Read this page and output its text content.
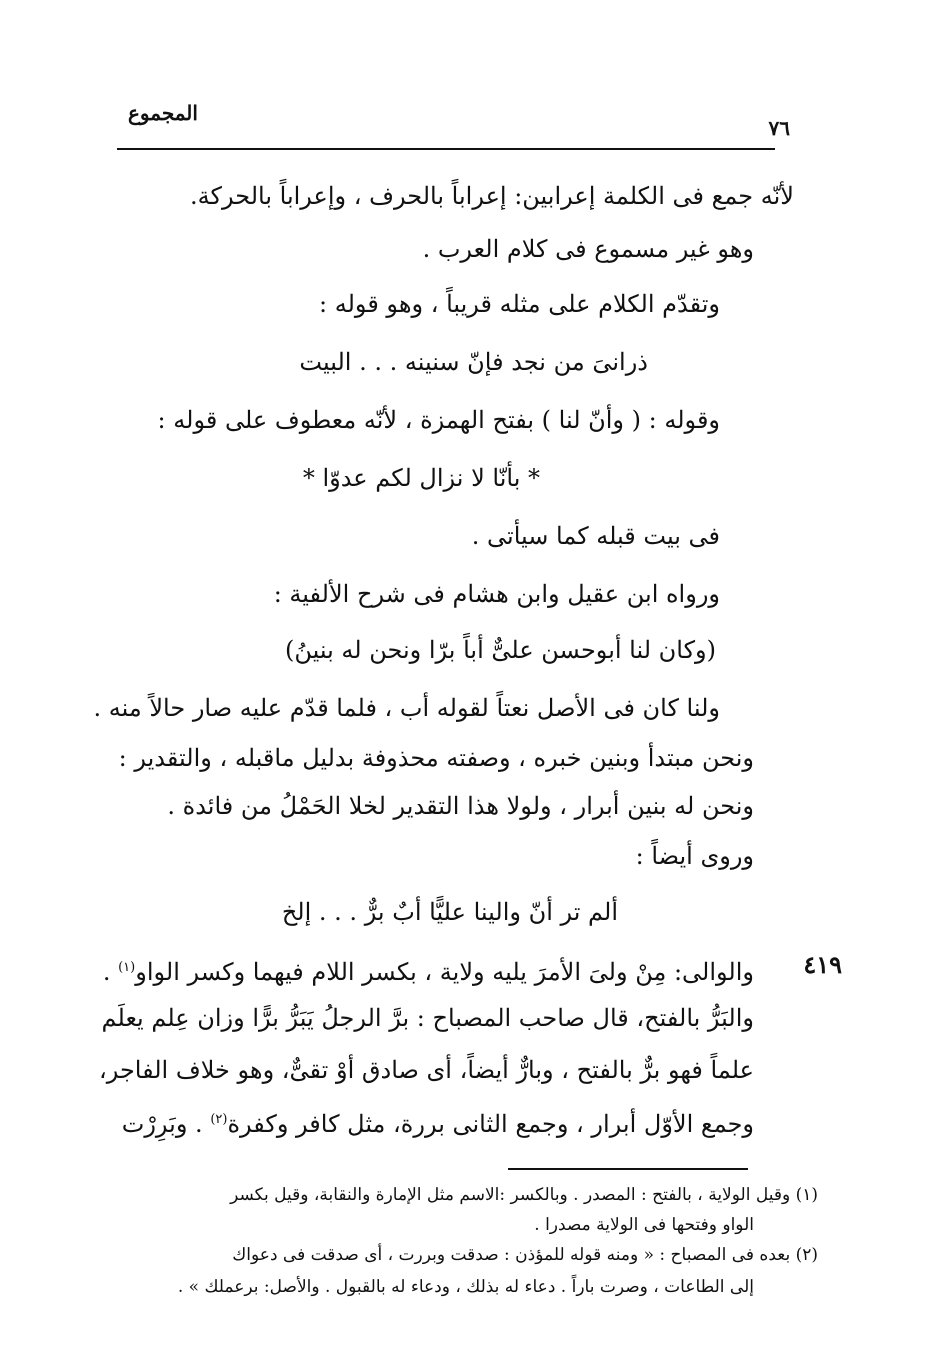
المجموع
٧٦
لأنّه جمع فى الكلمة إعرابين: إعراباً بالحرف ، وإعراباً بالحركة.
وهو غير مسموع فى كلام العرب .
وتقدّم الكلام على مثله قريباً ، وهو قوله :
ذرانىَ من نجد فإنّ سنينه . . . البيت
وقوله : ( وأنّ لنا ) بفتح الهمزة ، لأنّه معطوف على قوله :
* بأنّا لا نزال لكم عدوّا *
فى بيت قبله كما سيأتى .
ورواه ابن عقيل وابن هشام فى شرح الألفية :
(وكان لنا أبوحسن علىٌّ أباً برّا ونحن له بنينُ)
ولنا كان فى الأصل نعتاً لقوله أب ، فلما قدّم عليه صار حالاً منه .
ونحن مبتدأ وبنين خبره ، وصفته محذوفة بدليل ماقبله ، والتقدير :
ونحن له بنين أبرار ، ولولا هذا التقدير لخلا الحَمْلُ من فائدة .
وروى أيضاً :
ألم تر أنّ والينا عليًّا أبٌ برٌّ . . . إلخ
٤١٩
والوالى: مِنْ ولىَ الأمرَ يليه ولاية ، بكسر اللام فيهما وكسر الواو$^{(١)}$ .
والبَرُّ بالفتح، قال صاحب المصباح : برَّ الرجلُ يَبَرُّ برًّا وزان عِلم يعلَم
علماً فهو برٌّ بالفتح ، وبارٌّ أيضاً، أى صادق أوْ تقىٌّ، وهو خلاف الفاجر،
وجمع الأوّل أبرار ، وجمع الثانى بررة، مثل كافر وكفرة$^{(٢)}$ . وبَرِرْت
(١) وقيل الولاية ، بالفتح : المصدر . وبالكسر :الاسم مثل الإمارة والنقابة، وقيل بكسر
الواو وفتحها فى الولاية مصدرا .
(٢) بعده فى المصباح : « ومنه قوله للمؤذن : صدقت وبررت ، أى صدقت فى دعواك
إلى الطاعات ، وصرت باراً . دعاء له بذلك ، ودعاء له بالقبول . والأصل: برعملك » .
